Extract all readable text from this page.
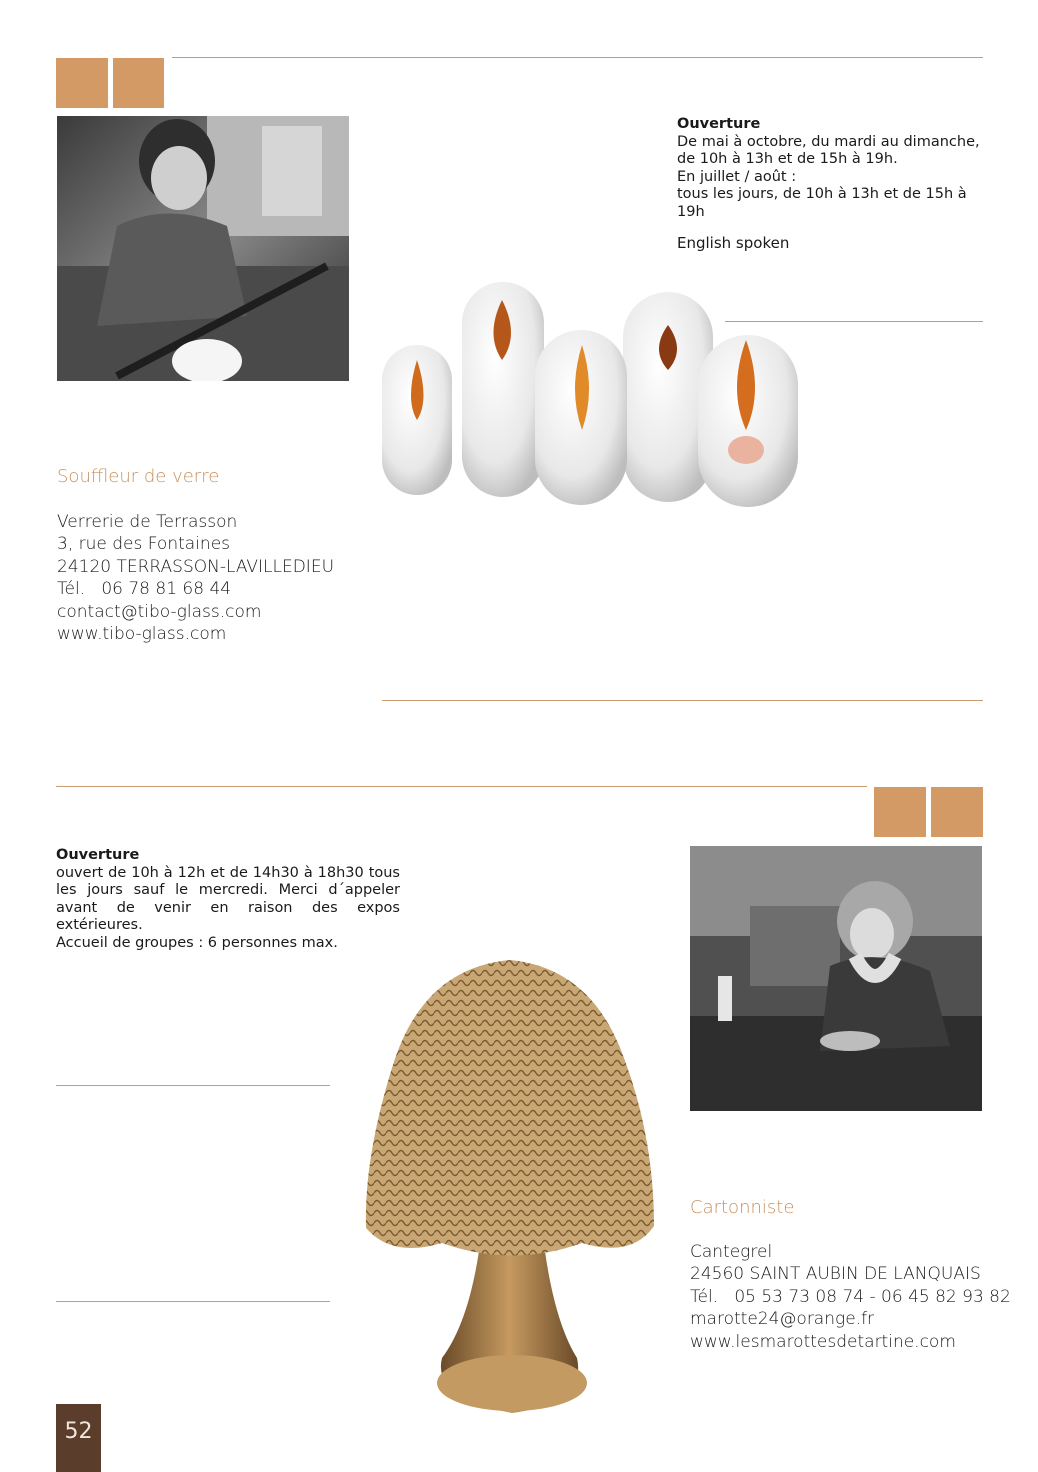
60 H5
Souffleur de verre
Verrerie de Terrasson
3, rue des Fontaines
24120 TERRASSON-LAVILLEDIEU
Tél. 06 78 81 68 44
contact@tibo-glass.com
www.tibo-glass.com
Ouverture
De mai à octobre, du mardi au dimanche,
de 10h à 13h et de 15h à 19h.
En juillet / août :
tous les jours, de 10h à 13h et de 15h à 19h
English spoken
61 D7
Ouverture
ouvert de 10h à 12h et de 14h30 à 18h30 tous les jours sauf le mercredi. Merci d´appeler avant de venir en raison des expos extérieures.
Accueil de groupes : 6 personnes max.
Cartonniste
Cantegrel
24560 SAINT AUBIN DE LANQUAIS
Tél. 05 53 73 08 74 - 06 45 82 93 82
marotte24@orange.fr
www.lesmarottesdetartine.com
52
